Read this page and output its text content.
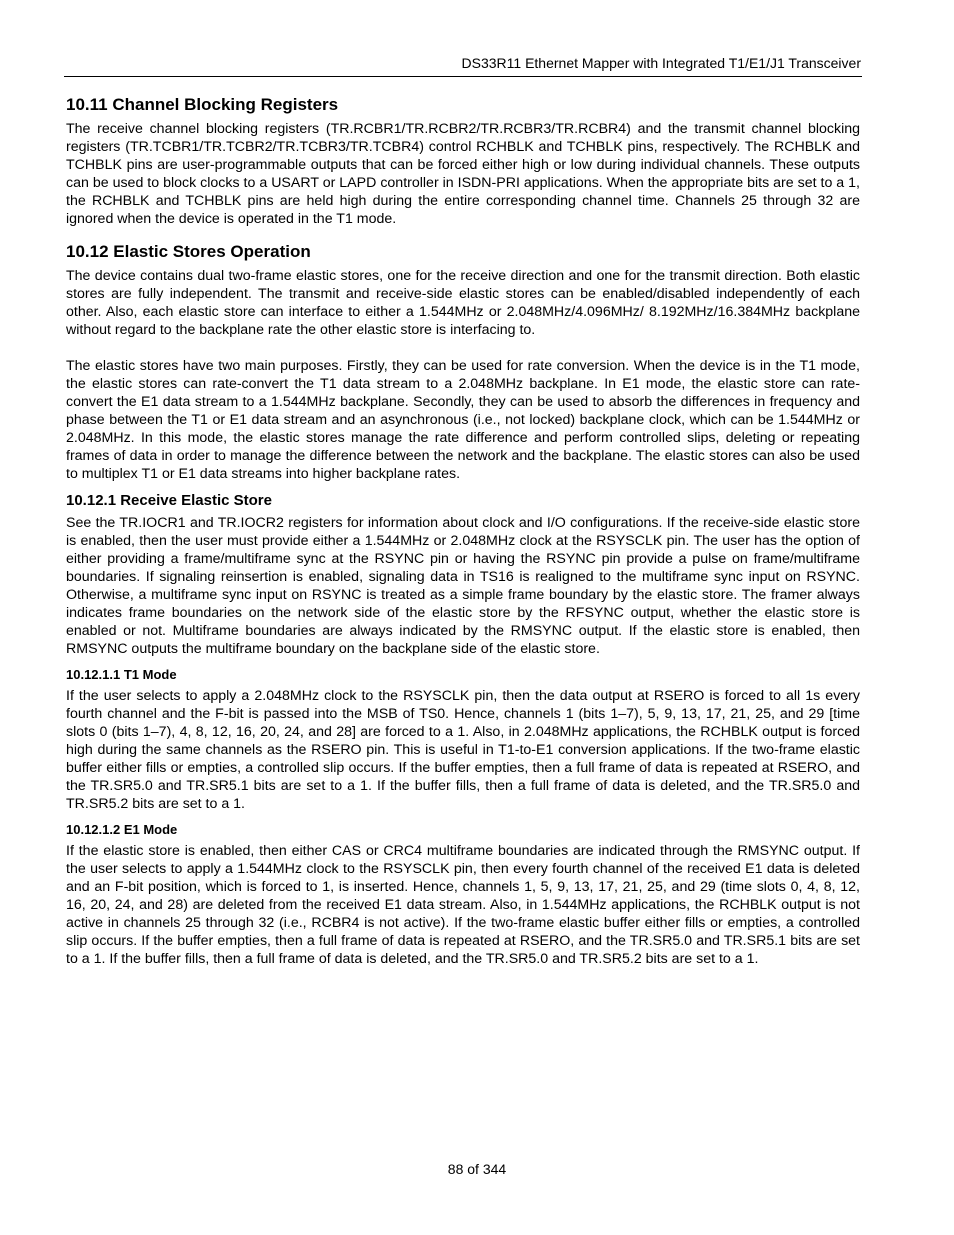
DS33R11 Ethernet Mapper with Integrated T1/E1/J1 Transceiver
10.11 Channel Blocking Registers

The receive channel blocking registers (TR.RCBR1/TR.RCBR2/TR.RCBR3/TR.RCBR4) and the transmit channel blocking registers (TR.TCBR1/TR.TCBR2/TR.TCBR3/TR.TCBR4) control RCHBLK and TCHBLK pins, respectively. The RCHBLK and TCHBLK pins are user-programmable outputs that can be forced either high or low during individual channels. These outputs can be used to block clocks to a USART or LAPD controller in ISDN-PRI applications. When the appropriate bits are set to a 1, the RCHBLK and TCHBLK pins are held high during the entire corresponding channel time. Channels 25 through 32 are ignored when the device is operated in the T1 mode.

10.12 Elastic Stores Operation

The device contains dual two-frame elastic stores, one for the receive direction and one for the transmit direction. Both elastic stores are fully independent. The transmit and receive-side elastic stores can be enabled/disabled independently of each other. Also, each elastic store can interface to either a 1.544MHz or 2.048MHz/4.096MHz/ 8.192MHz/16.384MHz backplane without regard to the backplane rate the other elastic store is interfacing to.

The elastic stores have two main purposes. Firstly, they can be used for rate conversion. When the device is in the T1 mode, the elastic stores can rate-convert the T1 data stream to a 2.048MHz backplane. In E1 mode, the elastic store can rate-convert the E1 data stream to a 1.544MHz backplane. Secondly, they can be used to absorb the differences in frequency and phase between the T1 or E1 data stream and an asynchronous (i.e., not locked) backplane clock, which can be 1.544MHz or 2.048MHz. In this mode, the elastic stores manage the rate difference and perform controlled slips, deleting or repeating frames of data in order to manage the difference between the network and the backplane. The elastic stores can also be used to multiplex T1 or E1 data streams into higher backplane rates.

10.12.1 Receive Elastic Store

See the TR.IOCR1 and TR.IOCR2 registers for information about clock and I/O configurations. If the receive-side elastic store is enabled, then the user must provide either a 1.544MHz or 2.048MHz clock at the RSYSCLK pin. The user has the option of either providing a frame/multiframe sync at the RSYNC pin or having the RSYNC pin provide a pulse on frame/multiframe boundaries. If signaling reinsertion is enabled, signaling data in TS16 is realigned to the multiframe sync input on RSYNC. Otherwise, a multiframe sync input on RSYNC is treated as a simple frame boundary by the elastic store. The framer always indicates frame boundaries on the network side of the elastic store by the RFSYNC output, whether the elastic store is enabled or not. Multiframe boundaries are always indicated by the RMSYNC output. If the elastic store is enabled, then RMSYNC outputs the multiframe boundary on the backplane side of the elastic store.

10.12.1.1 T1 Mode

If the user selects to apply a 2.048MHz clock to the RSYSCLK pin, then the data output at RSERO is forced to all 1s every fourth channel and the F-bit is passed into the MSB of TS0. Hence, channels 1 (bits 1–7), 5, 9, 13, 17, 21, 25, and 29 [time slots 0 (bits 1–7), 4, 8, 12, 16, 20, 24, and 28] are forced to a 1. Also, in 2.048MHz applications, the RCHBLK output is forced high during the same channels as the RSERO pin. This is useful in T1-to-E1 conversion applications. If the two-frame elastic buffer either fills or empties, a controlled slip occurs. If the buffer empties, then a full frame of data is repeated at RSERO, and the TR.SR5.0 and TR.SR5.1 bits are set to a 1. If the buffer fills, then a full frame of data is deleted, and the TR.SR5.0 and TR.SR5.2 bits are set to a 1.

10.12.1.2 E1 Mode

If the elastic store is enabled, then either CAS or CRC4 multiframe boundaries are indicated through the RMSYNC output. If the user selects to apply a 1.544MHz clock to the RSYSCLK pin, then every fourth channel of the received E1 data is deleted and an F-bit position, which is forced to 1, is inserted. Hence, channels 1, 5, 9, 13, 17, 21, 25, and 29 (time slots 0, 4, 8, 12, 16, 20, 24, and 28) are deleted from the received E1 data stream. Also, in 1.544MHz applications, the RCHBLK output is not active in channels 25 through 32 (i.e., RCBR4 is not active). If the two-frame elastic buffer either fills or empties, a controlled slip occurs. If the buffer empties, then a full frame of data is repeated at RSERO, and the TR.SR5.0 and TR.SR5.1 bits are set to a 1. If the buffer fills, then a full frame of data is deleted, and the TR.SR5.0 and TR.SR5.2 bits are set to a 1.

88 of 344
